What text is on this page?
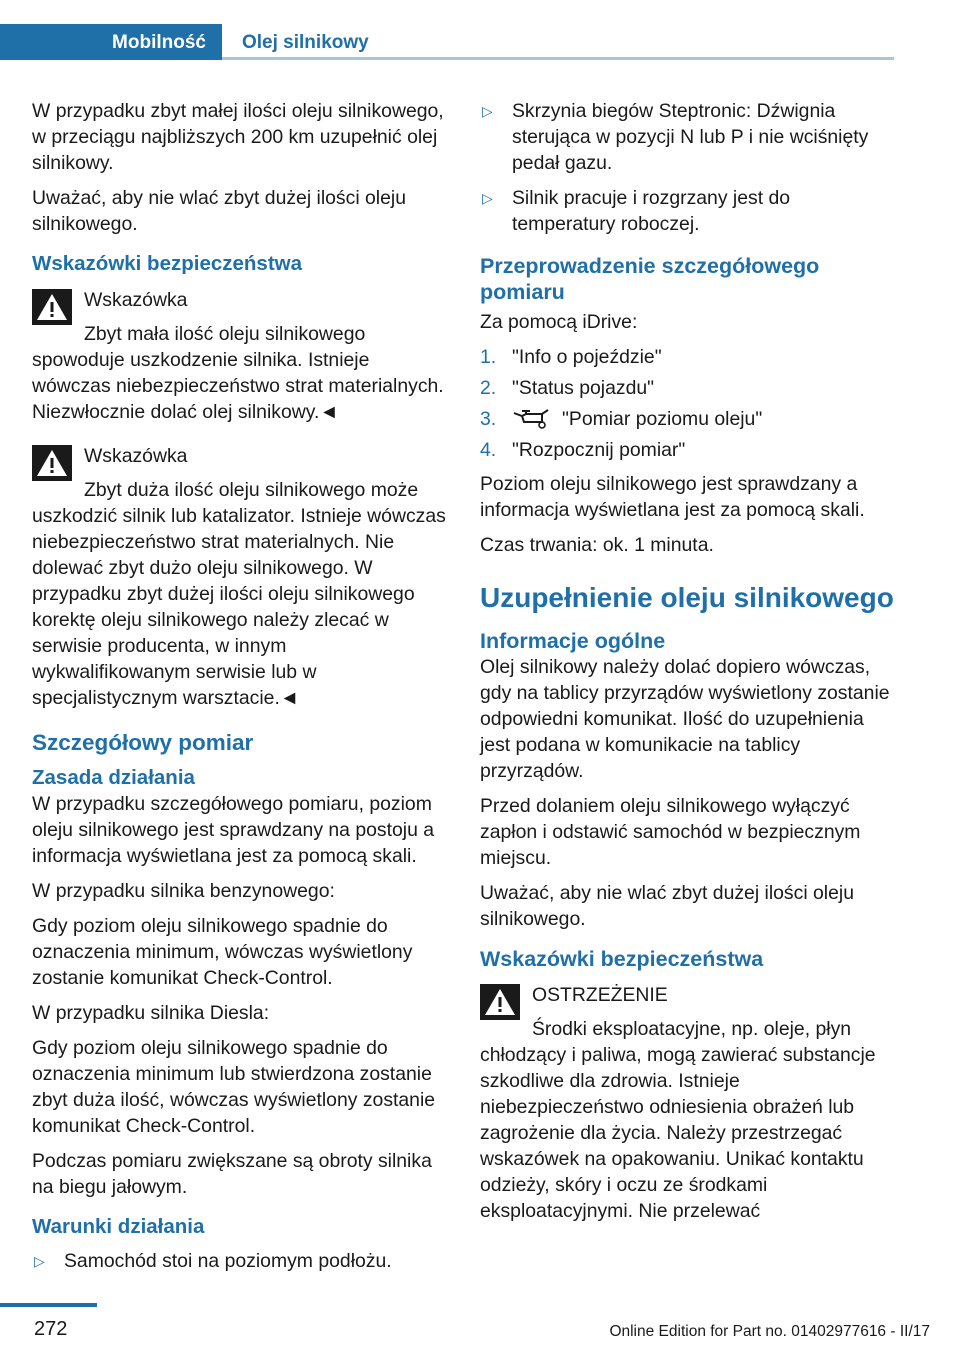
Mobilność	Olej silnikowy

W przypadku zbyt małej ilości oleju silnikowego, w przeciągu najbliższych 200 km uzupełnić olej silnikowy.

Uważać, aby nie wlać zbyt dużej ilości oleju silnikowego.

Wskazówki bezpieczeństwa
Wskazówka
Zbyt mała ilość oleju silnikowego spowoduje uszkodzenie silnika. Istnieje wówczas niebezpieczeństwo strat materialnych. Niezwłocznie dolać olej silnikowy.◄
Wskazówka
Zbyt duża ilość oleju silnikowego może uszkodzić silnik lub katalizator. Istnieje wówczas niebezpieczeństwo strat materialnych. Nie dolewać zbyt dużo oleju silnikowego. W przypadku zbyt dużej ilości oleju silnikowego korektę oleju silnikowego należy zlecać w serwisie producenta, w innym wykwalifikowanym serwisie lub w specjalistycznym warsztacie.◄
Szczegółowy pomiar
Zasada działania

W przypadku szczegółowego pomiaru, poziom oleju silnikowego jest sprawdzany na postoju a informacja wyświetlana jest za pomocą skali.

W przypadku silnika benzynowego:

Gdy poziom oleju silnikowego spadnie do oznaczenia minimum, wówczas wyświetlony zostanie komunikat Check-Control.

W przypadku silnika Diesla:

Gdy poziom oleju silnikowego spadnie do oznaczenia minimum lub stwierdzona zostanie zbyt duża ilość, wówczas wyświetlony zostanie komunikat Check-Control.

Podczas pomiaru zwiększane są obroty silnika na biegu jałowym.

Warunki działania
▷ Samochód stoi na poziomym podłożu.
▷ Skrzynia biegów Steptronic: Dźwignia sterująca w pozycji N lub P i nie wciśnięty pedał gazu.
▷ Silnik pracuje i rozgrzany jest do temperatury roboczej.
Przeprowadzenie szczegółowego pomiaru

Za pomocą iDrive:

1. "Info o pojeździe"
2. "Status pojazdu"
3.	"Pomiar poziomu oleju"
4. "Rozpocznij pomiar"

Poziom oleju silnikowego jest sprawdzany a informacja wyświetlana jest za pomocą skali.

Czas trwania: ok. 1 minuta.

Uzupełnienie oleju silnikowego
Informacje ogólne

Olej silnikowy należy dolać dopiero wówczas, gdy na tablicy przyrządów wyświetlony zostanie odpowiedni komunikat. Ilość do uzupełnienia jest podana w komunikacie na tablicy przyrządów.

Przed dolaniem oleju silnikowego wyłączyć zapłon i odstawić samochód w bezpiecznym miejscu.

Uważać, aby nie wlać zbyt dużej ilości oleju silnikowego.

Wskazówki bezpieczeństwa
OSTRZEŻENIE
Środki eksploatacyjne, np. oleje, płyn chłodzący i paliwa, mogą zawierać substancje szkodliwe dla zdrowia. Istnieje niebezpieczeństwo odniesienia obrażeń lub zagrożenie dla życia. Należy przestrzegać wskazówek na opakowaniu. Unikać kontaktu odzieży, skóry i oczu ze środkami eksploatacyjnymi. Nie przelewać
272	Online Edition for Part no. 01402977616 - II/17
